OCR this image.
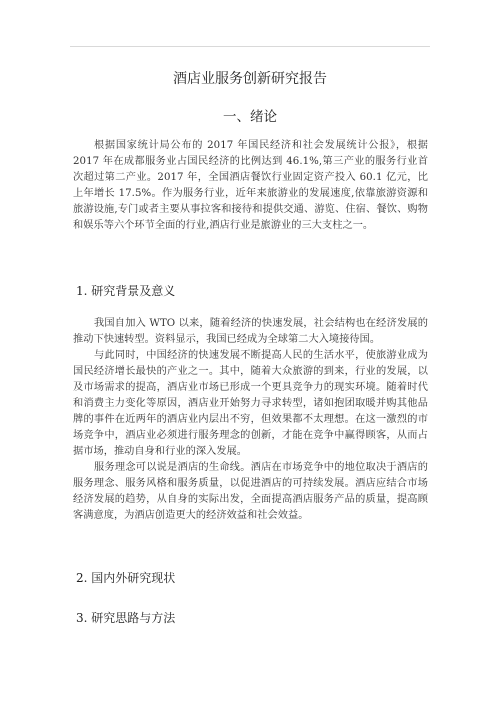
酒店业服务创新研究报告
一、绪论

根据国家统计局公布的 2017 年国民经济和社会发展统计公报》，根据 2017 年在成都服务业占国民经济的比例达到 46.1%,第三产业的服务行业首次超过第二产业。2017 年，全国酒店餐饮行业固定资产投入 60.1 亿元，比上年增长 17.5%。作为服务行业，近年来旅游业的发展速度,依靠旅游资源和旅游设施,专门或者主要从事拉客和接待和提供交通、游览、住宿、餐饮、购物和娱乐等六个环节全面的行业,酒店行业是旅游业的三大支柱之一。

1. 研究背景及意义

我国自加入 WTO 以来，随着经济的快速发展，社会结构也在经济发展的推动下快速转型。资料显示，我国已经成为全球第二大入境接待国。

与此同时，中国经济的快速发展不断提高人民的生活水平，使旅游业成为国民经济增长最快的产业之一。其中，随着大众旅游的到来，行业的发展，以及市场需求的提高，酒店业市场已形成一个更具竞争力的现实环境。随着时代和消费主力变化等原因，酒店业开始努力寻求转型，诸如抱团取暖并购其他品牌的事件在近两年的酒店业内层出不穷，但效果都不太理想。在这一激烈的市场竞争中，酒店业必须进行服务理念的创新，才能在竞争中赢得顾客，从而占据市场，推动自身和行业的深入发展。

服务理念可以说是酒店的生命线。酒店在市场竞争中的地位取决于酒店的服务理念、服务风格和服务质量，以促进酒店的可持续发展。酒店应结合市场经济发展的趋势，从自身的实际出发，全面提高酒店服务产品的质量，提高顾客满意度，为酒店创造更大的经济效益和社会效益。

2. 国内外研究现状
3. 研究思路与方法
